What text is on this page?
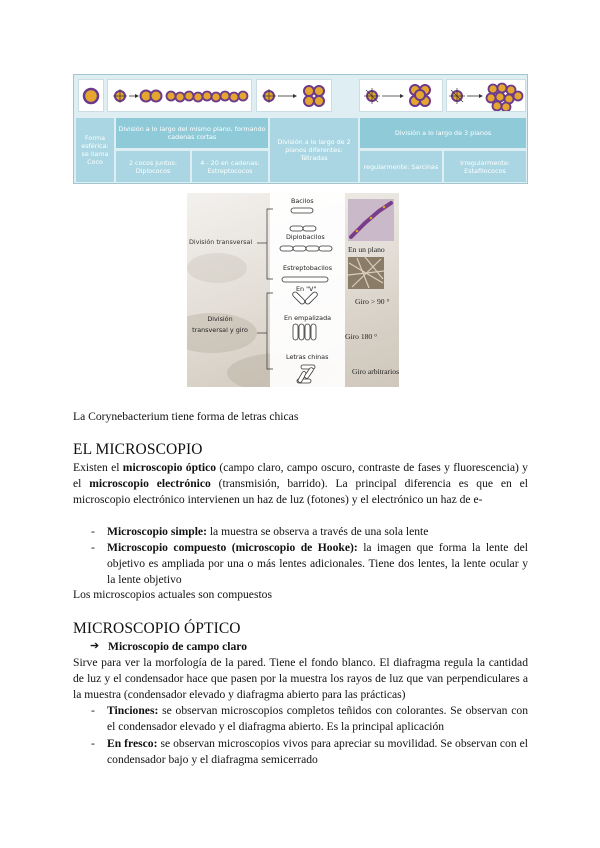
Forma esférica: se llama Coco
División a lo largo del mismo plano, formando cadenas cortas
2 cocos juntos: Diplococos
4 - 20 en cadenas: Estreptococos
División a lo largo de 2 planos diferentes: Tétradas
División a lo largo de 3 planos
regularmente: Sarcinas	irregularmente: Estafilococos
Bacilos
División transversal
Diplobacilos
Estreptobacilos
En "V"
División transversal y giro
En empalizada
Letras chinas
En un plano
Giro > 90 °
Giro 180 °
Giro arbitrarios
La Corynebacterium tiene forma de letras chicas
EL MICROSCOPIO
Existen el microscopio óptico (campo claro, campo oscuro, contraste de fases y fluorescencia) y el microscopio electrónico (transmisión, barrido). La principal diferencia es que en el microscopio electrónico intervienen un haz de luz (fotones) y el electrónico un haz de e-
- Microscopio simple: la muestra se observa a través de una sola lente
- Microscopio compuesto (microscopio de Hooke): la imagen que forma la lente del objetivo es ampliada por una o más lentes adicionales. Tiene dos lentes, la lente ocular y la lente objetivo
Los microscopios actuales son compuestos
MICROSCOPIO ÓPTICO
➔ Microscopio de campo claro
Sirve para ver la morfología de la pared. Tiene el fondo blanco. El diafragma regula la cantidad de luz y el condensador hace que pasen por la muestra los rayos de luz que van perpendiculares a la muestra (condensador elevado y diafragma abierto para las prácticas)
- Tinciones: se observan microscopios completos teñidos con colorantes. Se observan con el condensador elevado y el diafragma abierto. Es la principal aplicación
- En fresco: se observan microscopios vivos para apreciar su movilidad. Se observan con el condensador bajo y el diafragma semicerrado
